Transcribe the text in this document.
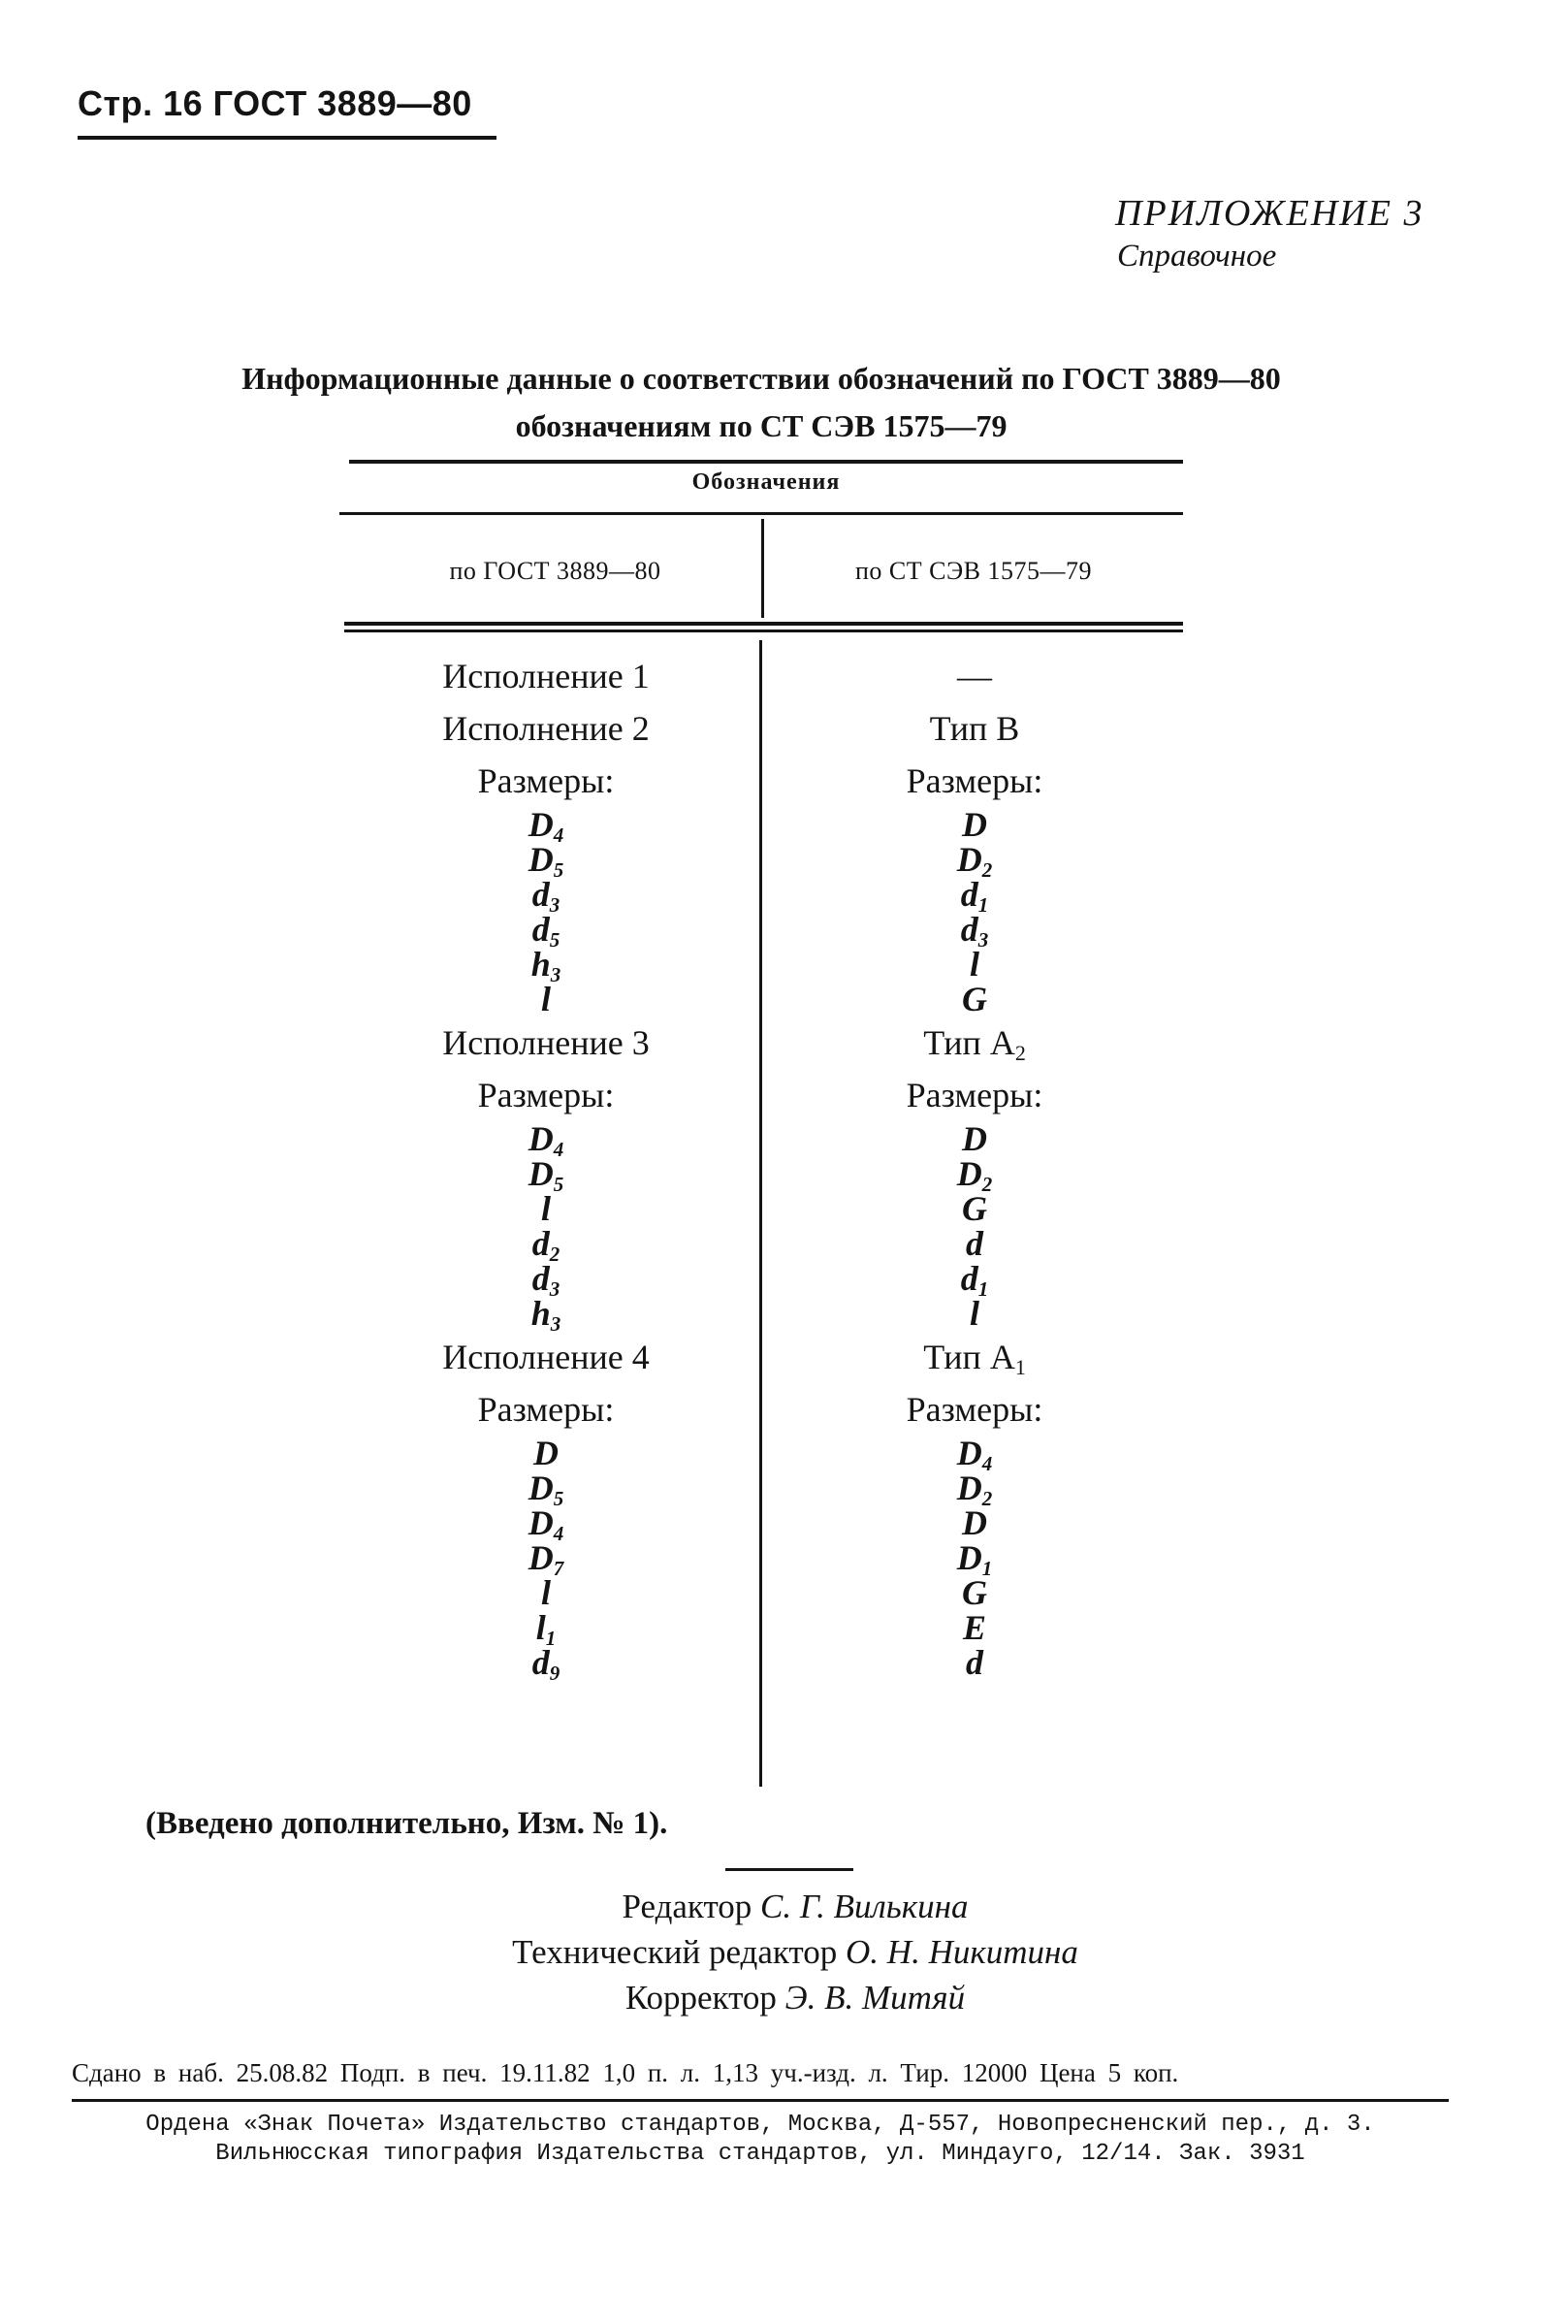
Стр. 16 ГОСТ 3889—80
ПРИЛОЖЕНИЕ 3
Справочное
Информационные данные о соответствии обозначений по ГОСТ 3889—80
обозначениям по СТ СЭВ 1575—79
Обозначения
по ГОСТ 3889—80	по СТ СЭВ 1575—79
Исполнение 1
Исполнение 2
Размеры:
$D_4$
$D_5$
$d_3$
$d_5$
$h_3$
l
Исполнение 3
Размеры:
$D_4$
$D_5$
l
$d_2$
$d_3$
$h_3$
Исполнение 4
Размеры:
D
$D_5$
$D_4$
$D_7$
l
$l_1$
$d_9$
—
Тип B
Размеры:
D
$D_2$
$d_1$
$d_3$
l
G
Тип $A_2$
Размеры:
D
$D_2$
G
d
$d_1$
l
Тип $A_1$
Размеры:
$D_4$
$D_2$
D
$D_1$
G
E
d
(Введено дополнительно, Изм. № 1).
Редактор С. Г. Вилькина
Технический редактор О. Н. Никитина
Корректор Э. В. Митяй
Сдано в наб. 25.08.82 Подп. в печ. 19.11.82 1,0 п. л. 1,13 уч.-изд. л. Тир. 12000 Цена 5 коп.
Ордена «Знак Почета» Издательство стандартов, Москва, Д-557, Новопресненский пер., д. 3.
Вильнюсская типография Издательства стандартов, ул. Миндауго, 12/14. Зак. 3931
